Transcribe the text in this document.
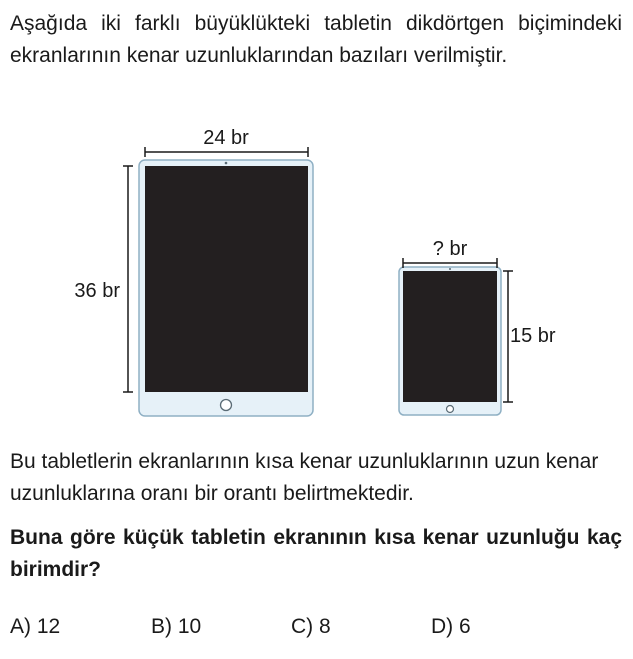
Aşağıda iki farklı büyüklükteki tabletin dikdörtgen biçimindeki ekranlarının kenar uzunluklarından bazıları verilmiştir.
24 br
36 br
? br
15 br
Bu tabletlerin ekranlarının kısa kenar uzunluklarının uzun kenar uzunluklarına oranı bir orantı belirtmektedir.
Buna göre küçük tabletin ekranının kısa kenar uzunluğu kaç birimdir?
A) 12	B) 10	C) 8	D) 6
